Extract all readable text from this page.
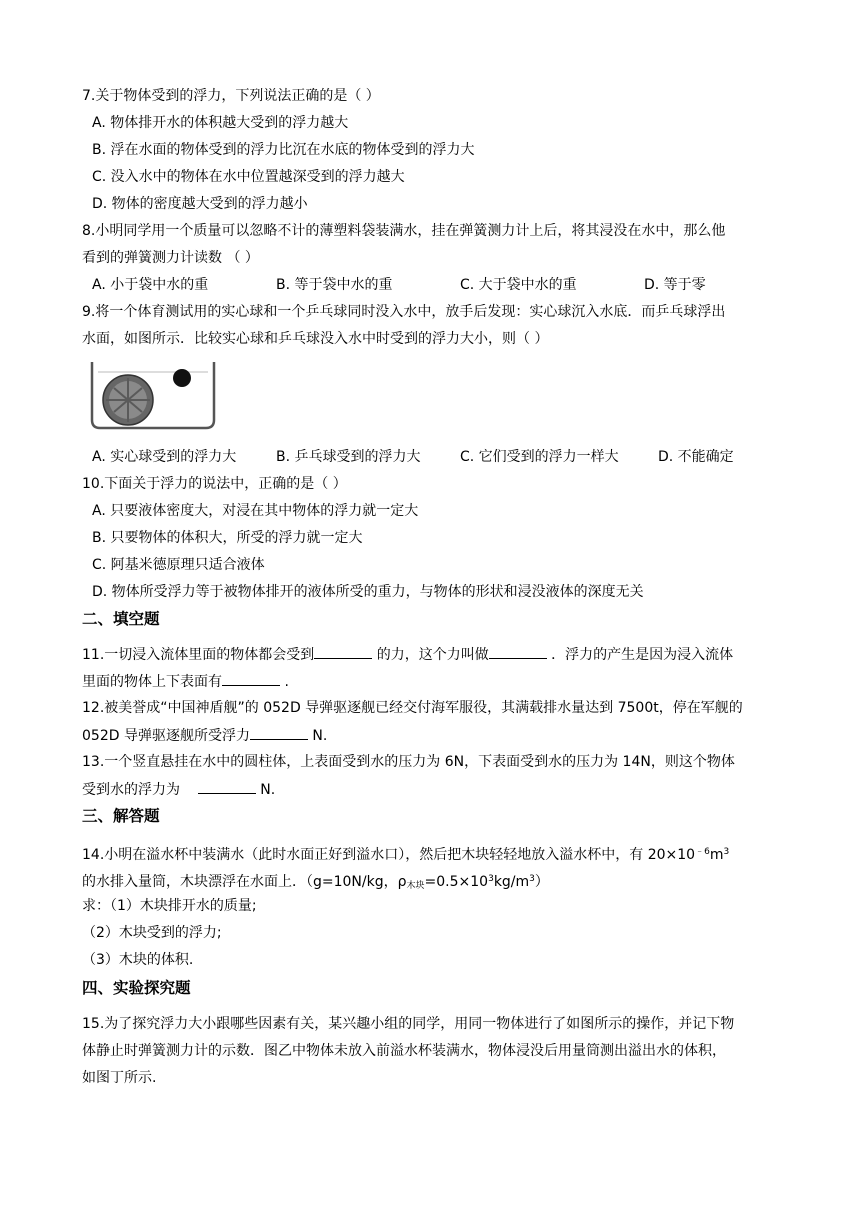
7.关于物体受到的浮力，下列说法正确的是（ ）
A. 物体排开水的体积越大受到的浮力越大
B. 浮在水面的物体受到的浮力比沉在水底的物体受到的浮力大
C. 没入水中的物体在水中位置越深受到的浮力越大
D. 物体的密度越大受到的浮力越小
8.小明同学用一个质量可以忽略不计的薄塑料袋装满水，挂在弹簧测力计上后，将其浸没在水中，那么他
看到的弹簧测力计读数 （ ）
A. 小于袋中水的重	B. 等于袋中水的重	C. 大于袋中水的重	D. 等于零
9.将一个体育测试用的实心球和一个乒乓球同时没入水中，放手后发现：实心球沉入水底．而乒乓球浮出
水面，如图所示．比较实心球和乒乓球没入水中时受到的浮力大小，则（ ）
A. 实心球受到的浮力大	B. 乒乓球受到的浮力大	C. 它们受到的浮力一样大	D. 不能确定
10.下面关于浮力的说法中，正确的是（ ）
A. 只要液体密度大，对浸在其中物体的浮力就一定大
B. 只要物体的体积大，所受的浮力就一定大
C. 阿基米德原理只适合液体
D. 物体所受浮力等于被物体排开的液体所受的重力，与物体的形状和浸没液体的深度无关
二、填空题
11.一切浸入流体里面的物体都会受到	的力，这个力叫做	．浮力的产生是因为浸入流体
里面的物体上下表面有	.
12.被美誉成“中国神盾舰”的 052D 导弹驱逐舰已经交付海军服役，其满载排水量达到 7500t，停在军舰的
052D 导弹驱逐舰所受浮力	N.
13.一个竖直悬挂在水中的圆柱体，上表面受到水的压力为 6N，下表面受到水的压力为 14N，则这个物体
受到水的浮力为	N.
三、解答题
14.小明在溢水杯中装满水（此时水面正好到溢水口），然后把木块轻轻地放入溢水杯中，有 $20\times 10^{﹣6}m^3$
的水排入量筒，木块漂浮在水面上．（g=10N/kg，ρ木块$=0.5\times 10^3kg/m^3$）
求：（1）木块排开水的质量;
（2）木块受到的浮力;
（3）木块的体积.
四、实验探究题
15.为了探究浮力大小跟哪些因素有关，某兴趣小组的同学，用同一物体进行了如图所示的操作，并记下物
体静止时弹簧测力计的示数．图乙中物体未放入前溢水杯装满水，物体浸没后用量筒测出溢出水的体积，
如图丁所示.
